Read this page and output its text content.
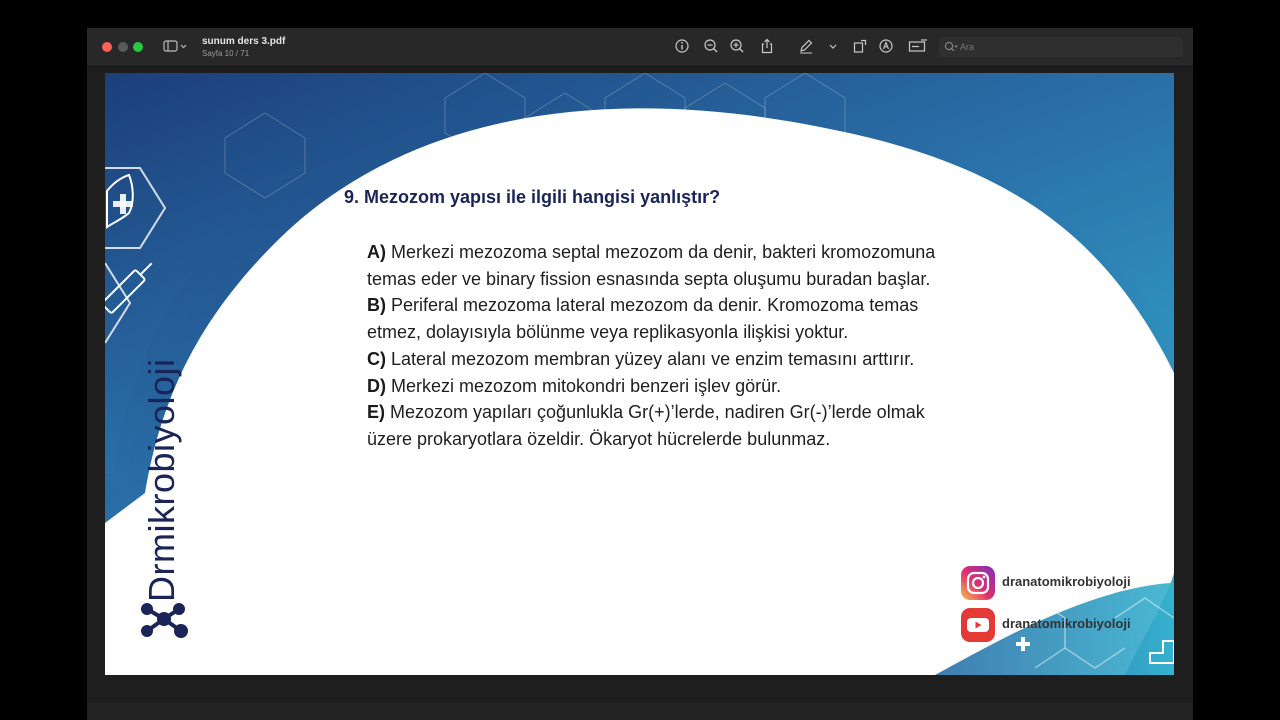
sunum ders 3.pdf
Sayfa 10 / 71
Ara
Drmikrobiyoloji
9. Mezozom yapısı ile ilgili hangisi yanlıştır?

A) Merkezi mezozoma septal mezozom da denir, bakteri kromozomuna temas eder ve binary fission esnasında septa oluşumu buradan başlar.

B) Periferal mezozoma lateral mezozom da denir. Kromozoma temas etmez, dolayısıyla bölünme veya replikasyonla ilişkisi yoktur.

C) Lateral mezozom membran yüzey alanı ve enzim temasını arttırır.

D) Merkezi mezozom mitokondri benzeri işlev görür.

E) Mezozom yapıları çoğunlukla Gr(+)’lerde, nadiren Gr(-)’lerde olmak üzere prokaryotlara özeldir. Ökaryot hücrelerde bulunmaz.

dranatomikrobiyoloji
dranatomikrobiyoloji
